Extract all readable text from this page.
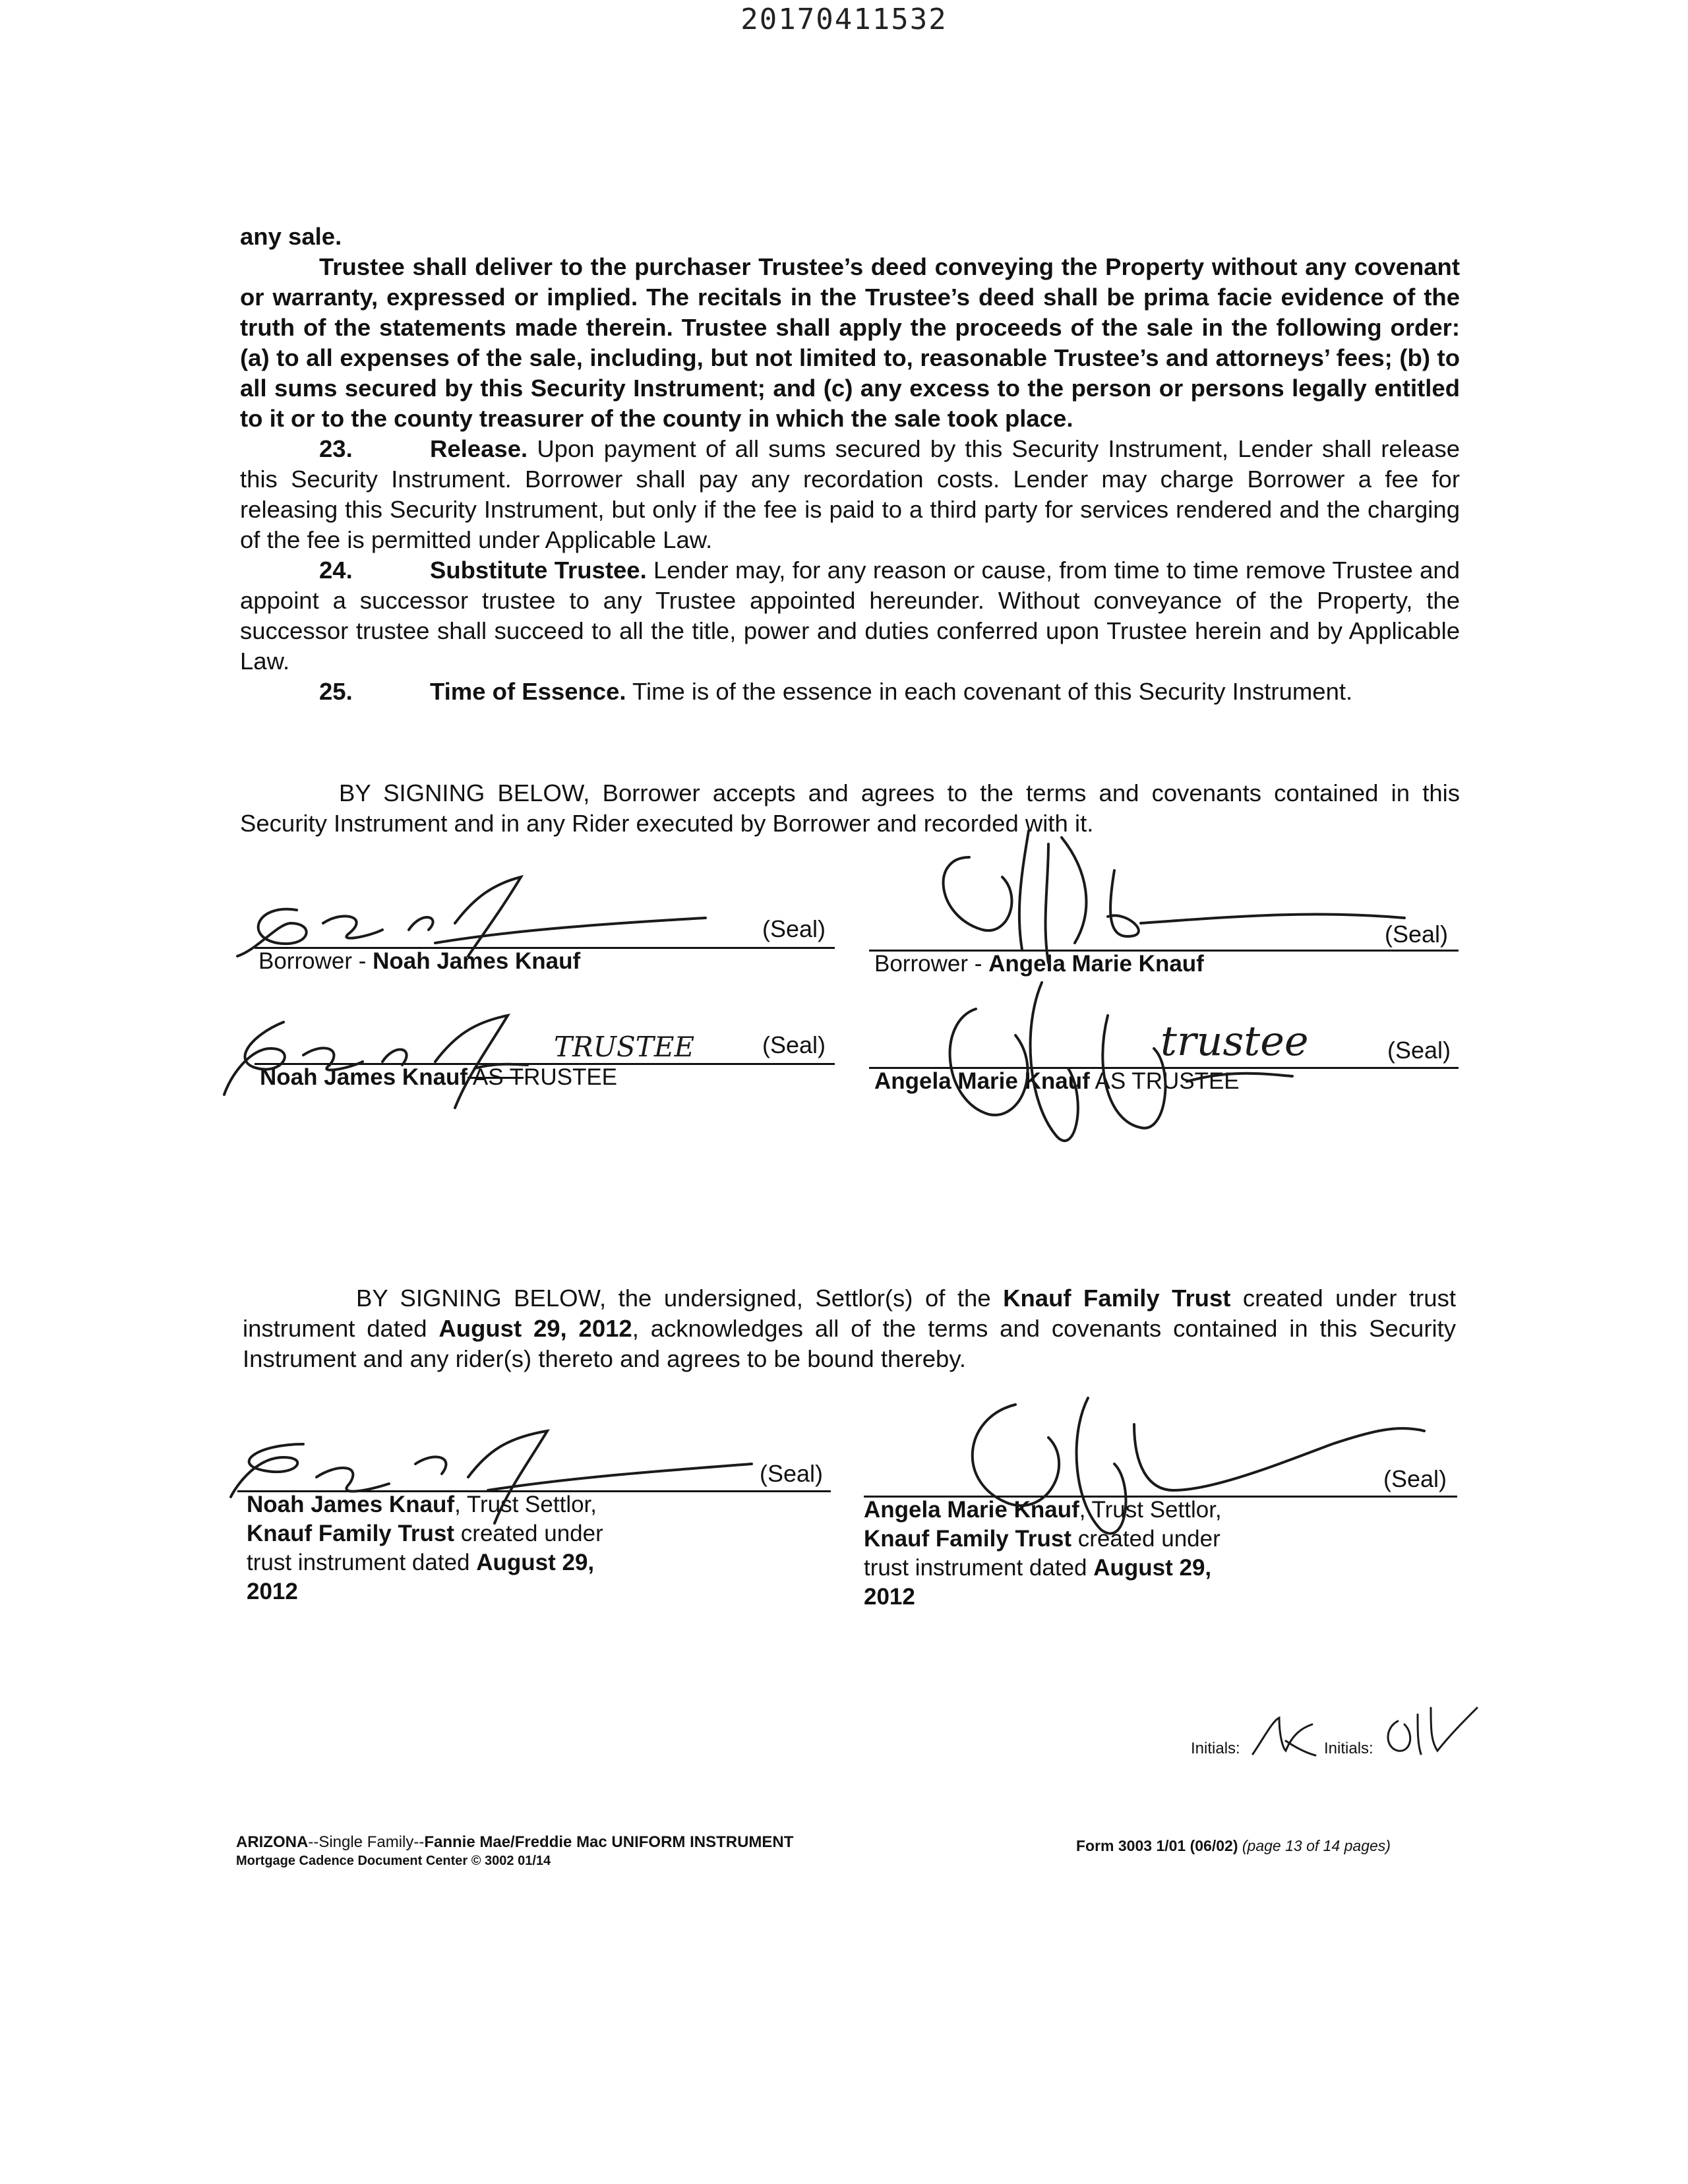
20170411532

any sale.

Trustee shall deliver to the purchaser Trustee’s deed conveying the Property without any covenant or warranty, expressed or implied. The recitals in the Trustee’s deed shall be prima facie evidence of the truth of the statements made therein. Trustee shall apply the proceeds of the sale in the following order: (a) to all expenses of the sale, including, but not limited to, reasonable Trustee’s and attorneys’ fees; (b) to all sums secured by this Security Instrument; and (c) any excess to the person or persons legally entitled to it or to the county treasurer of the county in which the sale took place.

23.	Release. Upon payment of all sums secured by this Security Instrument, Lender shall release this Security Instrument. Borrower shall pay any recordation costs. Lender may charge Borrower a fee for releasing this Security Instrument, but only if the fee is paid to a third party for services rendered and the charging of the fee is permitted under Applicable Law.

24.	Substitute Trustee. Lender may, for any reason or cause, from time to time remove Trustee and appoint a successor trustee to any Trustee appointed hereunder. Without conveyance of the Property, the successor trustee shall succeed to all the title, power and duties conferred upon Trustee herein and by Applicable Law.

25.	Time of Essence. Time is of the essence in each covenant of this Security Instrument.

BY SIGNING BELOW, Borrower accepts and agrees to the terms and covenants contained in this Security Instrument and in any Rider executed by Borrower and recorded with it.

(Seal)
Borrower - Noah James Knauf
(Seal)
Borrower - Angela Marie Knauf
(Seal)
Noah James Knauf AS TRUSTEE
(Seal)
Angela Marie Knauf AS TRUSTEE

BY SIGNING BELOW, the undersigned, Settlor(s) of the Knauf Family Trust created under trust instrument dated August 29, 2012, acknowledges all of the terms and covenants contained in this Security Instrument and any rider(s) thereto and agrees to be bound thereby.

(Seal)
Noah James Knauf, Trust Settlor,
Knauf Family Trust created under
trust instrument dated August 29,
2012
(Seal)
Angela Marie Knauf, Trust Settlor,
Knauf Family Trust created under
trust instrument dated August 29,
2012
TRUSTEE	trustee
Initials:	Initials:
ARIZONA--Single Family--Fannie Mae/Freddie Mac UNIFORM INSTRUMENT
Mortgage Cadence Document Center © 3002 01/14
Form 3003 1/01 (06/02) (page 13 of 14 pages)
